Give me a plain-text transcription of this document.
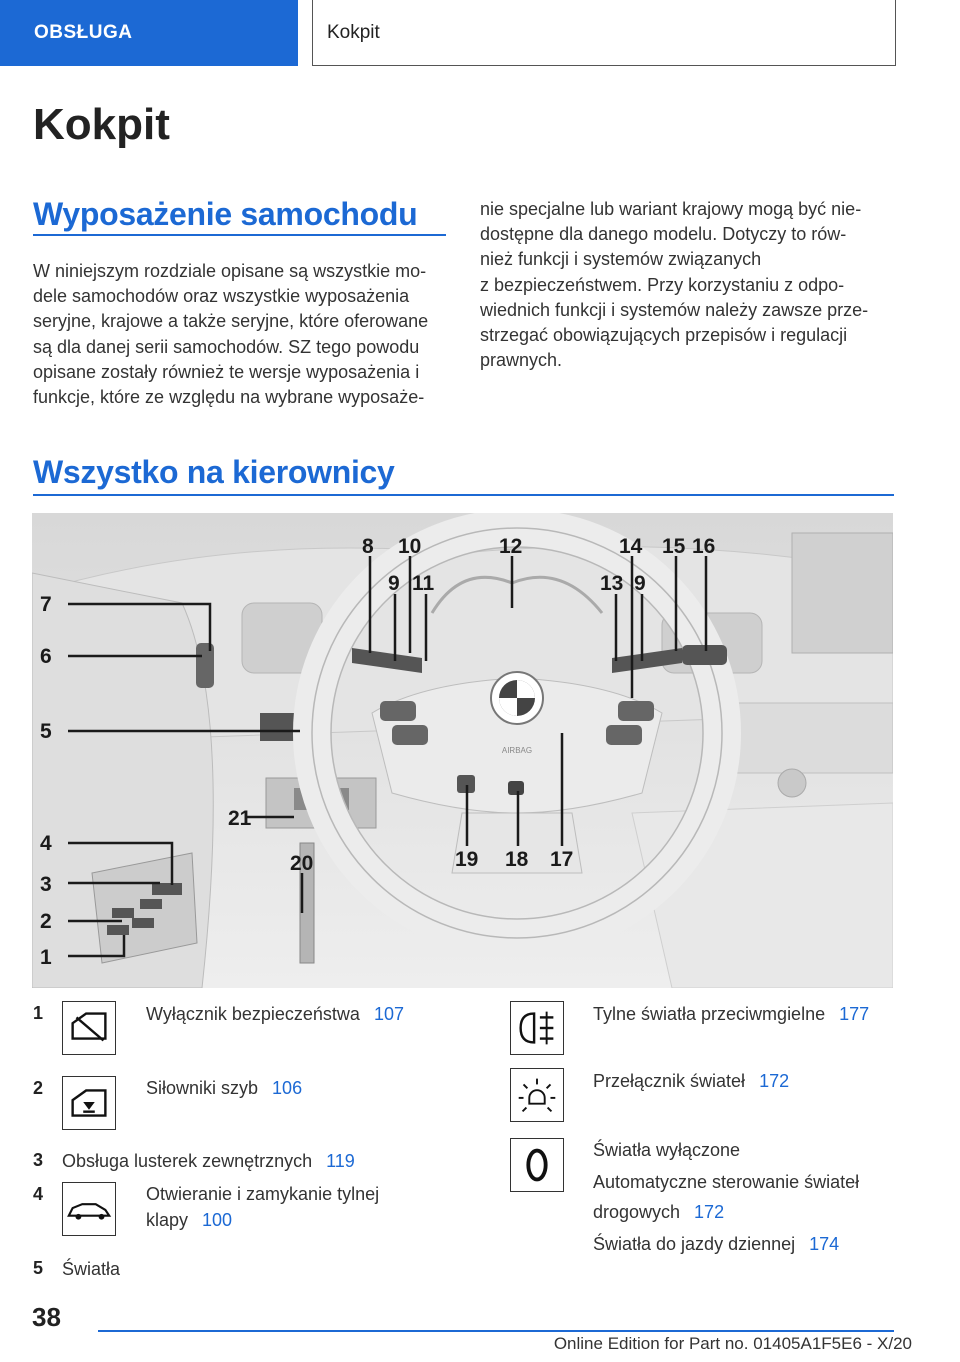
OBSŁUGA	Kokpit
Kokpit
Wyposażenie samochodu
W niniejszym rozdziale opisane są wszystkie mo‐
dele samochodów oraz wszystkie wyposażenia
seryjne, krajowe a także seryjne, które oferowane
są dla danej serii samochodów. SZ tego powodu
opisane zostały również te wersje wyposażenia i
funkcje, które ze względu na wybrane wyposaże‐
nie specjalne lub wariant krajowy mogą być nie‐
dostępne dla danego modelu. Dotyczy to rów‐
nież funkcji i systemów związanych
z bezpieczeństwem. Przy korzystaniu z odpo‐
wiednich funkcji i systemów należy zawsze prze‐
strzegać obowiązujących przepisów i regulacji
prawnych.
Wszystko na kierownicy
AIRBAG
7
6
5
4
3
2
1
8
9
10
11
12
13 9
14 15 16
17
18
19
20
21
1	Wyłącznik bezpieczeństwa 107
2	Siłowniki szyb 106
3 Obsługa lusterek zewnętrznych 119
4	Otwieranie i zamykanie tylnej
klapy 100
5 Światła
Tylne światła przeciwmgielne 177
Przełącznik świateł 172
Światła wyłączone
Automatyczne sterowanie świateł
drogowych 172
Światła do jazdy dziennej 174
38
Online Edition for Part no. 01405A1F5E6 - X/20
